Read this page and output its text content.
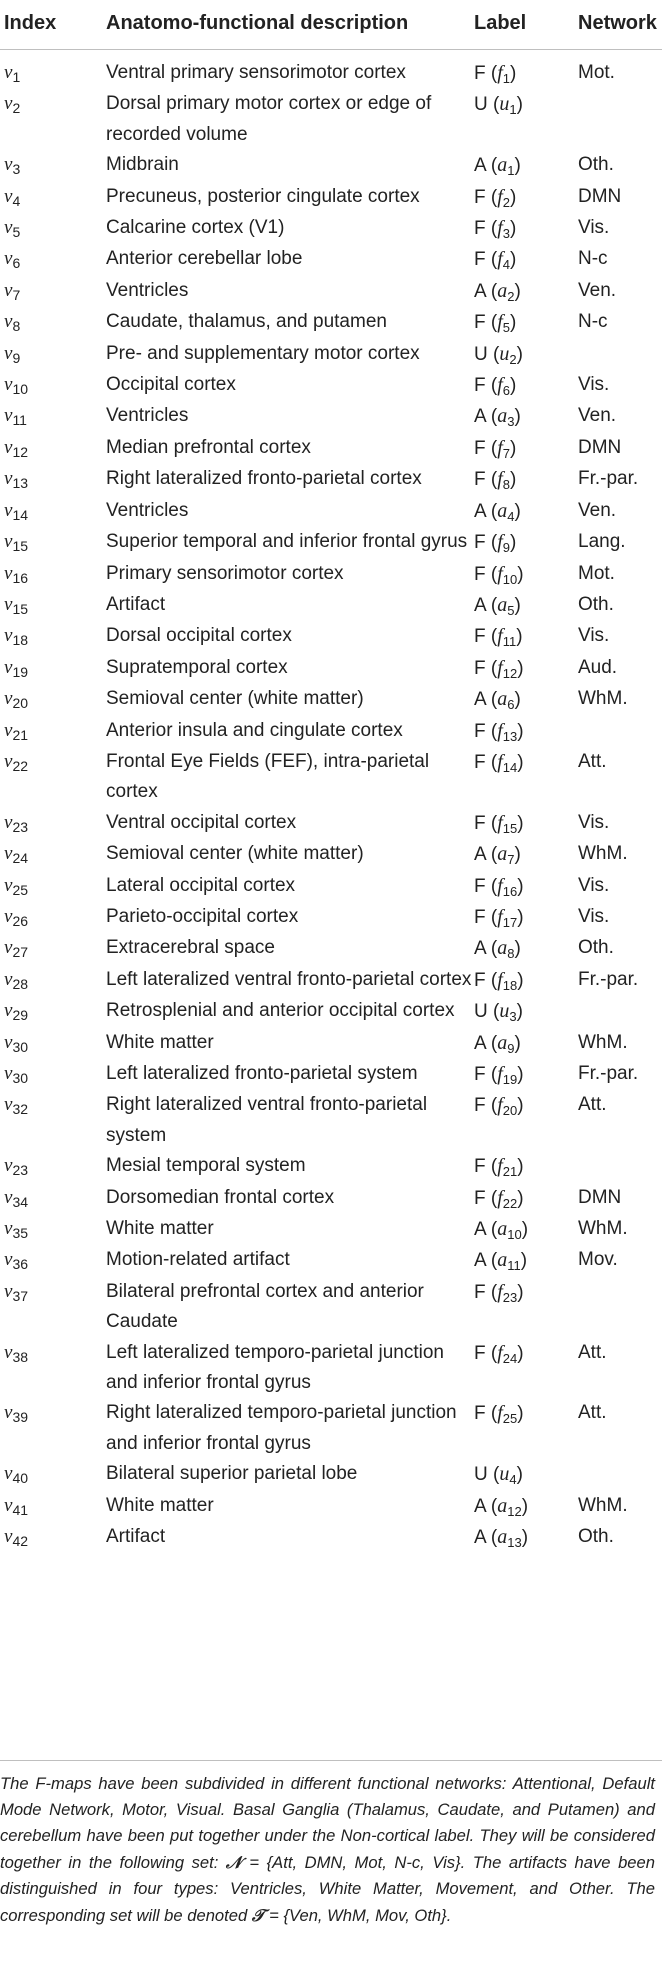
Index Anatomo-functional description	Label	Network
$v_1$	Ventral primary sensorimotor cortex	F $(f_1)$	Mot.
$v_2$	Dorsal primary motor cortex or edge of recorded volume	U $(u_1)$	
$v_3$	Midbrain	A $(a_1)$	Oth.
$v_4$	Precuneus, posterior cingulate cortex	F $(f_2)$	DMN
$v_5$	Calcarine cortex (V1)	F $(f_3)$	Vis.
$v_6$	Anterior cerebellar lobe	F $(f_4)$	N-c
$v_7$	Ventricles	A $(a_2)$	Ven.
$v_8$	Caudate, thalamus, and putamen	F $(f_5)$	N-c
$v_9$	Pre- and supplementary motor cortex	U $(u_2)$	
$v_{10}$	Occipital cortex	F $(f_6)$	Vis.
$v_{11}$	Ventricles	A $(a_3)$	Ven.
$v_{12}$	Median prefrontal cortex	F $(f_7)$	DMN
$v_{13}$	Right lateralized fronto-parietal cortex	F $(f_8)$	Fr.-par.
$v_{14}$	Ventricles	A $(a_4)$	Ven.
$v_{15}$	Superior temporal and inferior frontal gyrus	F $(f_9)$	Lang.
$v_{16}$	Primary sensorimotor cortex	F $(f_{10})$	Mot.
$v_{15}$	Artifact	A $(a_5)$	Oth.
$v_{18}$	Dorsal occipital cortex	F $(f_{11})$	Vis.
$v_{19}$	Supratemporal cortex	F $(f_{12})$	Aud.
$v_{20}$	Semioval center (white matter)	A $(a_6)$	WhM.
$v_{21}$	Anterior insula and cingulate cortex	F $(f_{13})$	
$v_{22}$	Frontal Eye Fields (FEF), intra-parietal cortex	F $(f_{14})$	Att.
$v_{23}$	Ventral occipital cortex	F $(f_{15})$	Vis.
$v_{24}$	Semioval center (white matter)	A $(a_7)$	WhM.
$v_{25}$	Lateral occipital cortex	F $(f_{16})$	Vis.
$v_{26}$	Parieto-occipital cortex	F $(f_{17})$	Vis.
$v_{27}$	Extracerebral space	A $(a_8)$	Oth.
$v_{28}$	Left lateralized ventral fronto-parietal cortex	F $(f_{18})$	Fr.-par.
$v_{29}$	Retrosplenial and anterior occipital cortex	U $(u_3)$	
$v_{30}$	White matter	A $(a_9)$	WhM.
$v_{30}$	Left lateralized fronto-parietal system	F $(f_{19})$	Fr.-par.
$v_{32}$	Right lateralized ventral fronto-parietal system	F $(f_{20})$	Att.
$v_{23}$	Mesial temporal system	F $(f_{21})$	
$v_{34}$	Dorsomedian frontal cortex	F $(f_{22})$	DMN
$v_{35}$	White matter	A $(a_{10})$	WhM.
$v_{36}$	Motion-related artifact	A $(a_{11})$	Mov.
$v_{37}$	Bilateral prefrontal cortex and anterior Caudate	F $(f_{23})$	
$v_{38}$	Left lateralized temporo-parietal junction and inferior frontal gyrus	F $(f_{24})$	Att.
$v_{39}$	Right lateralized temporo-parietal junction and inferior frontal gyrus	F $(f_{25})$	Att.
$v_{40}$	Bilateral superior parietal lobe	U $(u_4)$	
$v_{41}$	White matter	A $(a_{12})$	WhM.
$v_{42}$	Artifact	A $(a_{13})$	Oth.
The F-maps have been subdivided in different functional networks: Attentional, Default Mode Network, Motor, Visual. Basal Ganglia (Thalamus, Caudate, and Putamen) and cerebellum have been put together under the Non-cortical label. They will be considered together in the following set: 𝒩 = {Att, DMN, Mot, N-c, Vis}. The artifacts have been distinguished in four types: Ventricles, White Matter, Movement, and Other. The corresponding set will be denoted 𝒯 = {Ven, WhM, Mov, Oth}.
